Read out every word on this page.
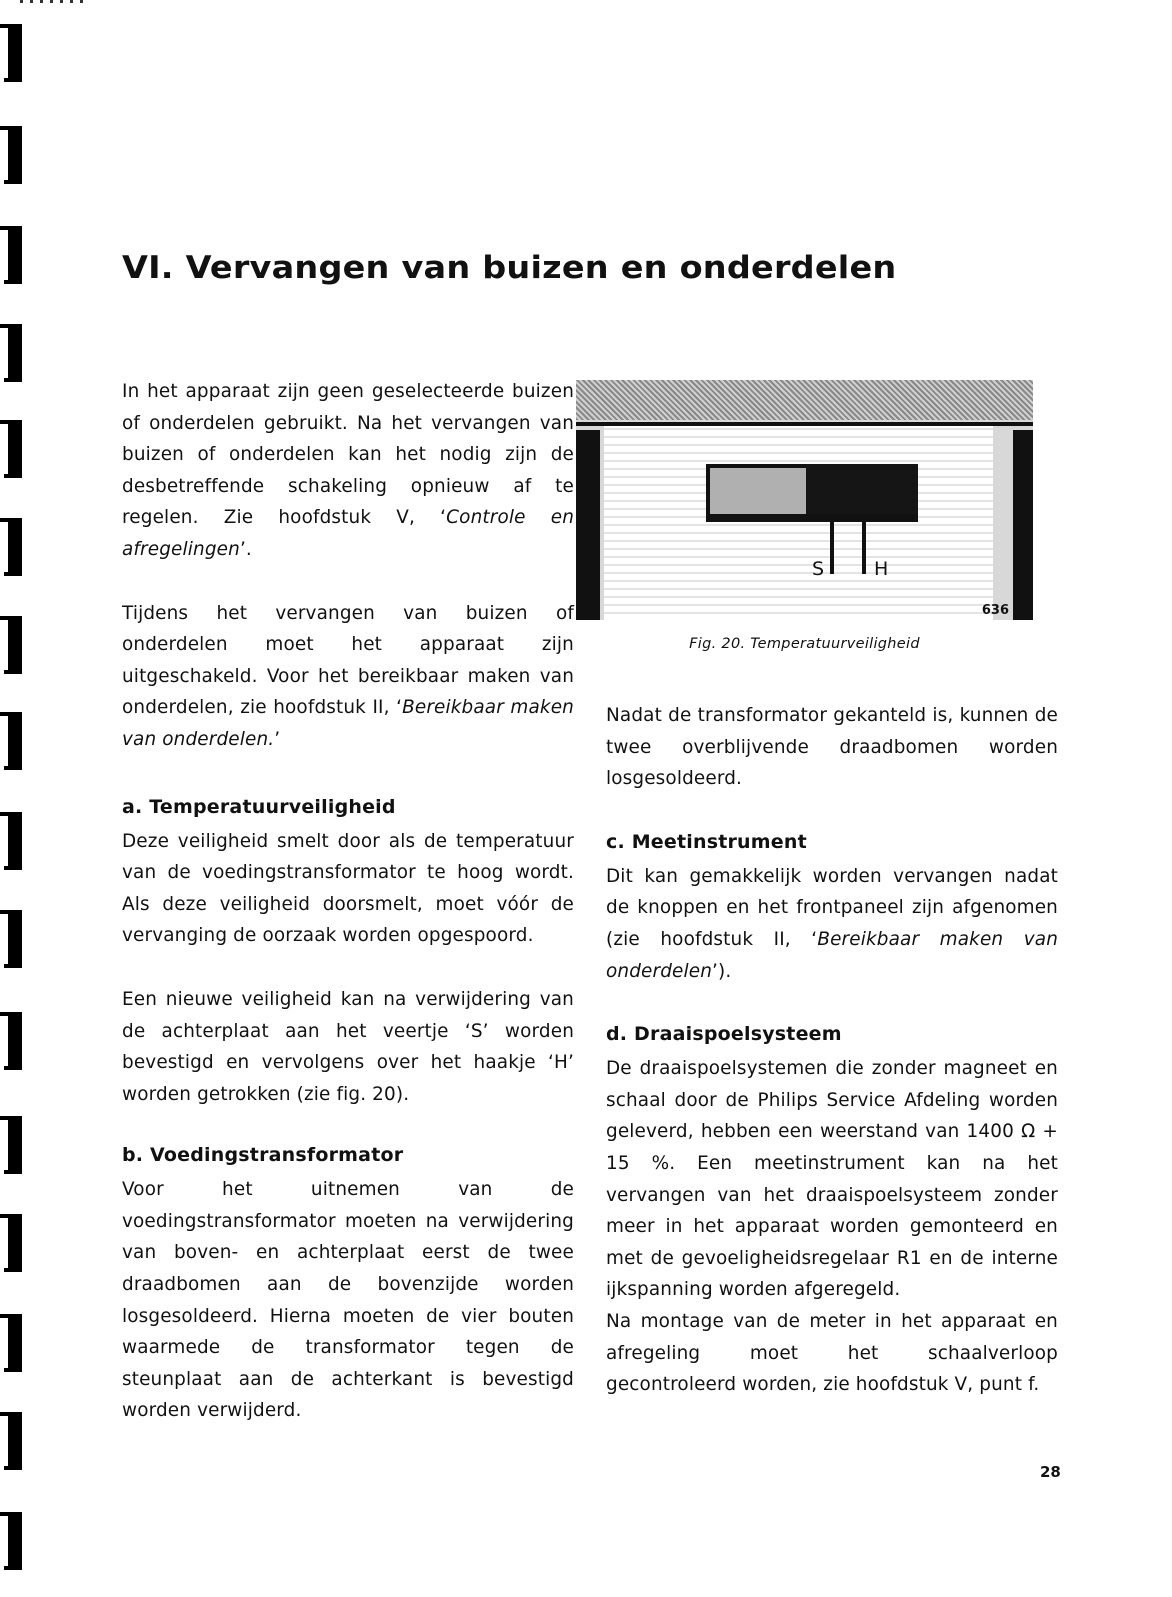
VI. Vervangen van buizen en onderdelen

In het apparaat zijn geen geselecteerde buizen of onderdelen gebruikt. Na het vervangen van buizen of onderdelen kan het nodig zijn de desbetreffende schakeling opnieuw af te regelen. Zie hoofdstuk V, ‘Controle en afregelingen’.

Tijdens het vervangen van buizen of onderdelen moet het apparaat zijn uitgeschakeld. Voor het bereikbaar maken van onderdelen, zie hoofdstuk II, ‘Bereikbaar maken van onderdelen.’

a. Temperatuurveiligheid

Deze veiligheid smelt door als de temperatuur van de voedingstransformator te hoog wordt. Als deze veiligheid doorsmelt, moet vóór de vervanging de oorzaak worden opgespoord.

Een nieuwe veiligheid kan na verwijdering van de achterplaat aan het veertje ‘S’ worden bevestigd en vervolgens over het haakje ‘H’ worden getrokken (zie fig. 20).

b. Voedingstransformator

Voor het uitnemen van de voedingstransformator moeten na verwijdering van boven- en achterplaat eerst de twee draadbomen aan de bovenzijde worden losgesoldeerd. Hierna moeten de vier bouten waarmede de transformator tegen de steunplaat aan de achterkant is bevestigd worden verwijderd.

S	H
636
Fig. 20. Temperatuurveiligheid

Nadat de transformator gekanteld is, kunnen de twee overblijvende draadbomen worden losgesoldeerd.

c. Meetinstrument

Dit kan gemakkelijk worden vervangen nadat de knoppen en het frontpaneel zijn afgenomen (zie hoofdstuk II, ‘Bereikbaar maken van onderdelen’).

d. Draaispoelsysteem

De draaispoelsystemen die zonder magneet en schaal door de Philips Service Afdeling worden geleverd, hebben een weerstand van 1400 Ω + 15 %. Een meetinstrument kan na het vervangen van het draaispoelsysteem zonder meer in het apparaat worden gemonteerd en met de gevoeligheidsregelaar R1 en de interne ijkspanning worden afgeregeld.

Na montage van de meter in het apparaat en afregeling moet het schaalverloop gecontroleerd worden, zie hoofdstuk V, punt f.

28
